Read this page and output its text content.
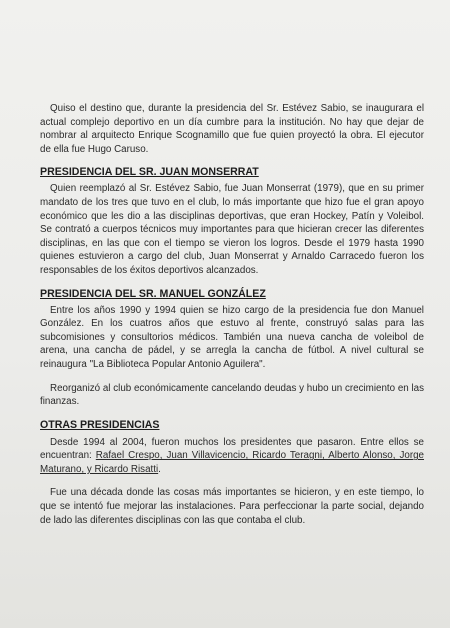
Quiso el destino que, durante la presidencia del Sr. Estévez Sabio, se inaugurara el actual complejo deportivo en un día cumbre para la institución. No hay que dejar de nombrar al arquitecto Enrique Scognamillo que fue quien proyectó la obra. El ejecutor de ella fue Hugo Caruso.

PRESIDENCIA DEL SR. JUAN MONSERRAT

Quien reemplazó al Sr. Estévez Sabio, fue Juan Monserrat (1979), que en su primer mandato de los tres que tuvo en el club, lo más importante que hizo fue el gran apoyo económico que les dio a las disciplinas deportivas, que eran Hockey, Patín y Voleibol. Se contrató a cuerpos técnicos muy importantes para que hicieran crecer las diferentes disciplinas, en las que con el tiempo se vieron los logros. Desde el 1979 hasta 1990 quienes estuvieron a cargo del club, Juan Monserrat y Arnaldo Carracedo fueron los responsables de los éxitos deportivos alcanzados.

PRESIDENCIA DEL SR. MANUEL GONZÁLEZ

Entre los años 1990 y 1994 quien se hizo cargo de la presidencia fue don Manuel González. En los cuatros años que estuvo al frente, construyó salas para las subcomisiones y consultorios médicos. También una nueva cancha de voleibol de arena, una cancha de pádel, y se arregla la cancha de fútbol. A nivel cultural se reinaugura "La Biblioteca Popular Antonio Aguilera".

Reorganizó al club económicamente cancelando deudas y hubo un crecimiento en las finanzas.

OTRAS PRESIDENCIAS

Desde 1994 al 2004, fueron muchos los presidentes que pasaron. Entre ellos se encuentran: Rafael Crespo, Juan Villavicencio, Ricardo Teragni, Alberto Alonso, Jorge Maturano, y Ricardo Risatti.

Fue una década donde las cosas más importantes se hicieron, y en este tiempo, lo que se intentó fue mejorar las instalaciones. Para perfeccionar la parte social, dejando de lado las diferentes disciplinas con las que contaba el club.
